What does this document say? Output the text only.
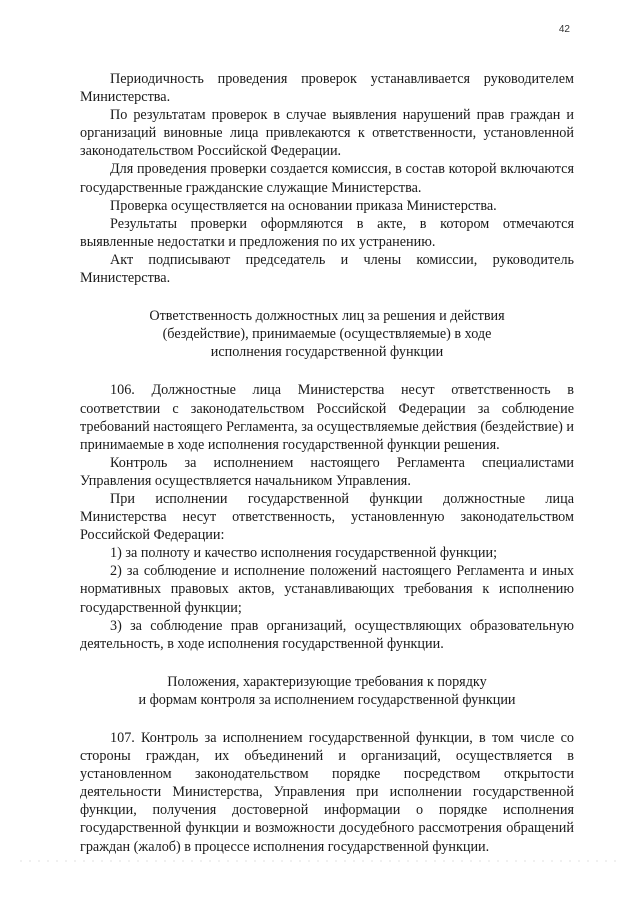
42

Периодичность проведения проверок устанавливается руководителем Министерства.

По результатам проверок в случае выявления нарушений прав граждан и организаций виновные лица привлекаются к ответственности, установленной законодательством Российской Федерации.

Для проведения проверки создается комиссия, в состав которой включаются государственные гражданские служащие Министерства.

Проверка осуществляется на основании приказа Министерства.

Результаты проверки оформляются в акте, в котором отмечаются выявленные недостатки и предложения по их устранению.

Акт подписывают председатель и члены комиссии, руководитель Министерства.

Ответственность должностных лиц за решения и действия
(бездействие), принимаемые (осуществляемые) в ходе
исполнения государственной функции

106. Должностные лица Министерства несут ответственность в соответствии с законодательством Российской Федерации за соблюдение требований настоящего Регламента, за осуществляемые действия (бездействие) и принимаемые в ходе исполнения государственной функции решения.

Контроль за исполнением настоящего Регламента специалистами Управления осуществляется начальником Управления.

При исполнении государственной функции должностные лица Министерства несут ответственность, установленную законодательством Российской Федерации:

1) за полноту и качество исполнения государственной функции;

2) за соблюдение и исполнение положений настоящего Регламента и иных нормативных правовых актов, устанавливающих требования к исполнению государственной функции;

3) за соблюдение прав организаций, осуществляющих образовательную деятельность, в ходе исполнения государственной функции.

Положения, характеризующие требования к порядку
и формам контроля за исполнением государственной функции

107. Контроль за исполнением государственной функции, в том числе со стороны граждан, их объединений и организаций, осуществляется в установленном законодательством порядке посредством открытости деятельности Министерства, Управления при исполнении государственной функции, получения достоверной информации о порядке исполнения государственной функции и возможности досудебного рассмотрения обращений граждан (жалоб) в процессе исполнения государственной функции.
